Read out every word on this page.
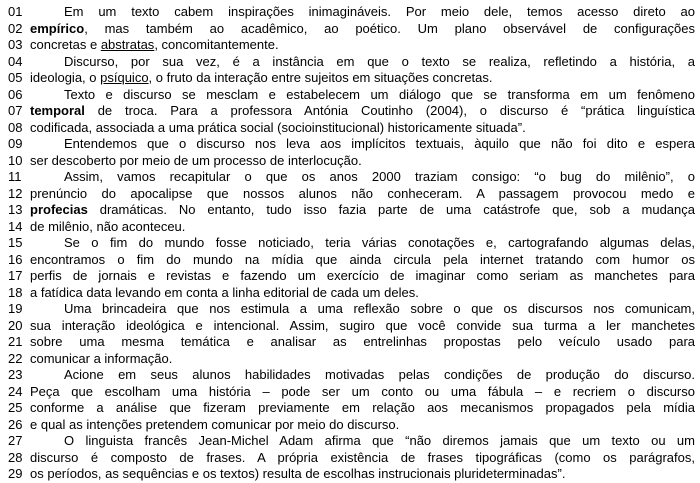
01	Em um texto cabem inspirações inimagináveis. Por meio dele, temos acesso direto ao
02 empírico, mas também ao acadêmico, ao poético. Um plano observável de configurações
03 concretas e abstratas, concomitantemente.
04	Discurso, por sua vez, é a instância em que o texto se realiza, refletindo a história, a
05 ideologia, o psíquico, o fruto da interação entre sujeitos em situações concretas.
06	Texto e discurso se mesclam e estabelecem um diálogo que se transforma em um fenômeno
07 temporal de troca. Para a professora Antónia Coutinho (2004), o discurso é “prática linguística
08 codificada, associada a uma prática social (socioinstitucional) historicamente situada”.
09	Entendemos que o discurso nos leva aos implícitos textuais, àquilo que não foi dito e espera
10 ser descoberto por meio de um processo de interlocução.
11	Assim, vamos recapitular o que os anos 2000 traziam consigo: “o bug do milênio”, o
12 prenúncio do apocalipse que nossos alunos não conheceram. A passagem provocou medo e
13 profecias dramáticas. No entanto, tudo isso fazia parte de uma catástrofe que, sob a mudança
14 de milênio, não aconteceu.
15	Se o fim do mundo fosse noticiado, teria várias conotações e, cartografando algumas delas,
16 encontramos o fim do mundo na mídia que ainda circula pela internet tratando com humor os
17 perfis de jornais e revistas e fazendo um exercício de imaginar como seriam as manchetes para
18 a fatídica data levando em conta a linha editorial de cada um deles.
19	Uma brincadeira que nos estimula a uma reflexão sobre o que os discursos nos comunicam,
20 sua interação ideológica e intencional. Assim, sugiro que você convide sua turma a ler manchetes
21 sobre uma mesma temática e analisar as entrelinhas propostas pelo veículo usado para
22 comunicar a informação.
23	Acione em seus alunos habilidades motivadas pelas condições de produção do discurso.
24 Peça que escolham uma história – pode ser um conto ou uma fábula – e recriem o discurso
25 conforme a análise que fizeram previamente em relação aos mecanismos propagados pela mídia
26 e qual as intenções pretendem comunicar por meio do discurso.
27	O linguista francês Jean-Michel Adam afirma que “não diremos jamais que um texto ou um
28 discurso é composto de frases. A própria existência de frases tipográficas (como os parágrafos,
29 os períodos, as sequências e os textos) resulta de escolhas instrucionais plurideterminadas”.
